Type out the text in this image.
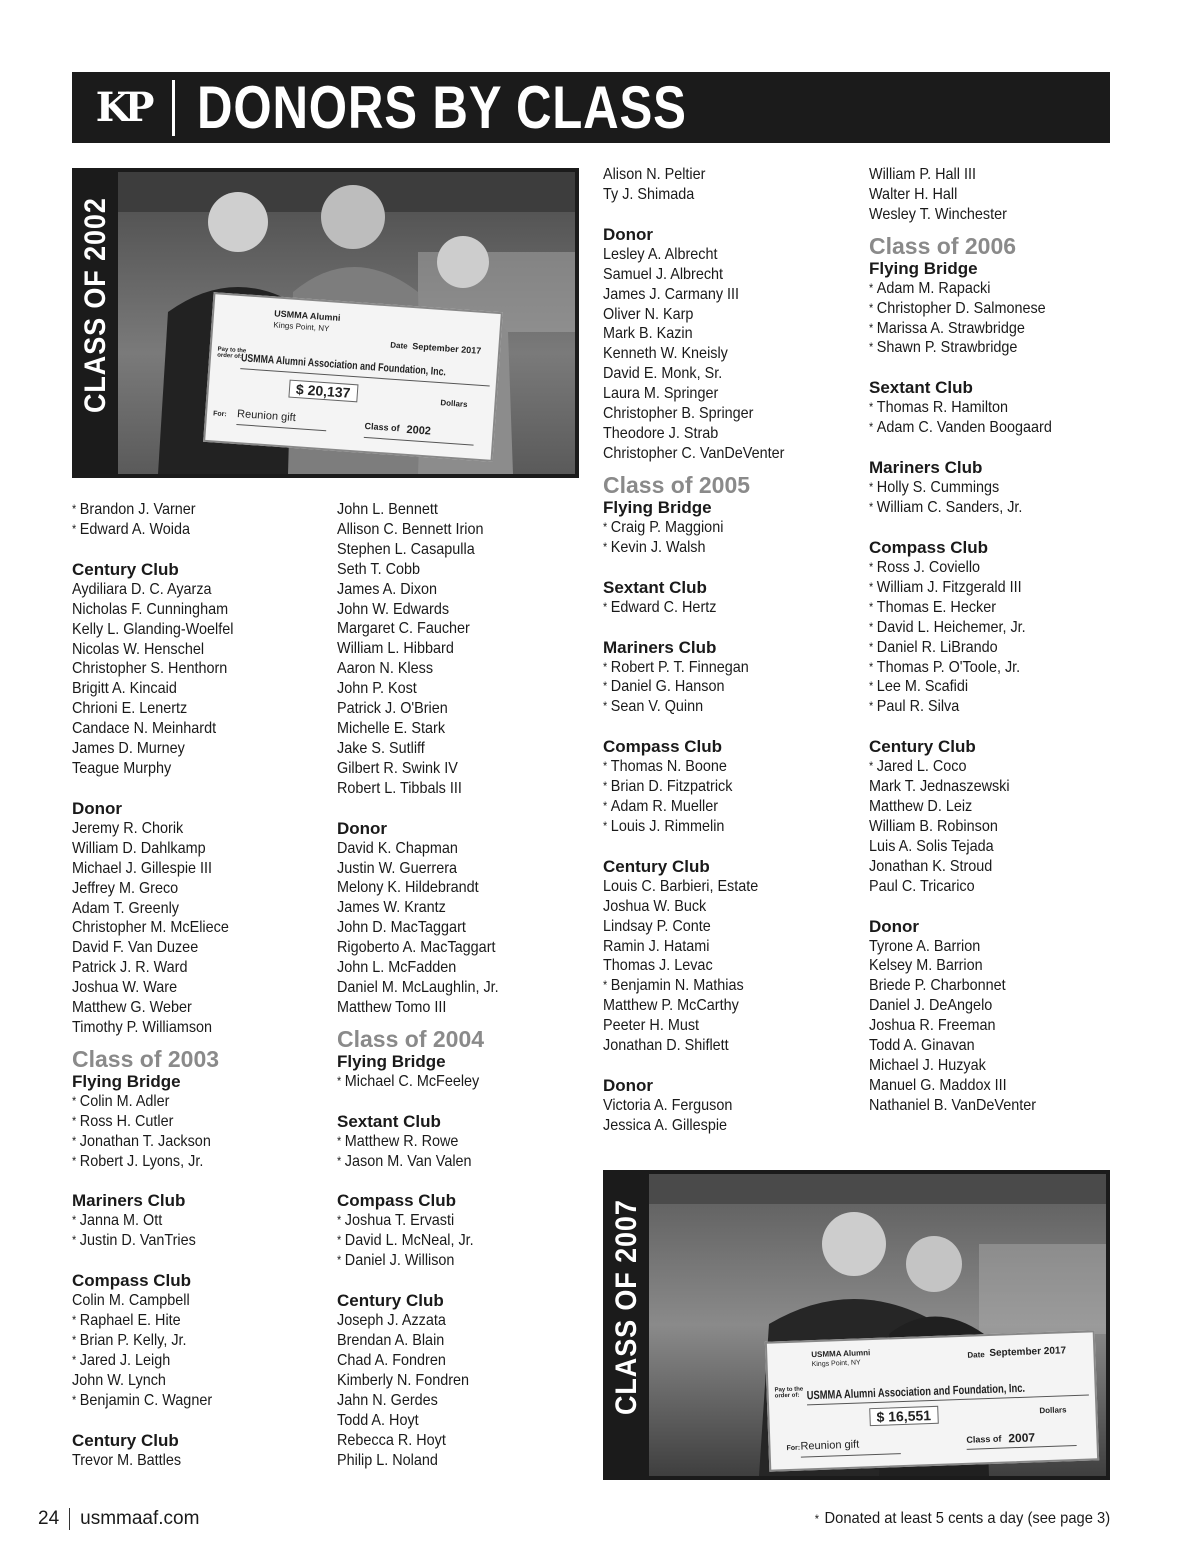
KP DONORS BY CLASS
CLASS OF 2002	USMMA Alumni
Kings Point, NY
Date September 2017
Pay to the order of:
USMMA Alumni Association and Foundation, Inc.
$ 20,137
Dollars
For: Reunion gift
Class of 2002
* Brandon J. Varner
* Edward A. Woida
Century Club
Aydiliara D. C. Ayarza
Nicholas F. Cunningham
Kelly L. Glanding-Woelfel
Nicolas W. Henschel
Christopher S. Henthorn
Brigitt A. Kincaid
Chrioni E. Lenertz
Candace N. Meinhardt
James D. Murney
Teague Murphy
Donor
Jeremy R. Chorik
William D. Dahlkamp
Michael J. Gillespie III
Jeffrey M. Greco
Adam T. Greenly
Christopher M. McEliece
David F. Van Duzee
Patrick J. R. Ward
Joshua W. Ware
Matthew G. Weber
Timothy P. Williamson
Class of 2003
Flying Bridge
* Colin M. Adler
* Ross H. Cutler
* Jonathan T. Jackson
* Robert J. Lyons, Jr.
Mariners Club
* Janna M. Ott
* Justin D. VanTries
Compass Club
Colin M. Campbell
* Raphael E. Hite
* Brian P. Kelly, Jr.
* Jared J. Leigh
John W. Lynch
* Benjamin C. Wagner
Century Club
Trevor M. Battles
John L. Bennett
Allison C. Bennett Irion
Stephen L. Casapulla
Seth T. Cobb
James A. Dixon
John W. Edwards
Margaret C. Faucher
William L. Hibbard
Aaron N. Kless
John P. Kost
Patrick J. O'Brien
Michelle E. Stark
Jake S. Sutliff
Gilbert R. Swink IV
Robert L. Tibbals III
Donor
David K. Chapman
Justin W. Guerrera
Melony K. Hildebrandt
James W. Krantz
John D. MacTaggart
Rigoberto A. MacTaggart
John L. McFadden
Daniel M. McLaughlin, Jr.
Matthew Tomo III
Class of 2004
Flying Bridge
* Michael C. McFeeley
Sextant Club
* Matthew R. Rowe
* Jason M. Van Valen
Compass Club
* Joshua T. Ervasti
* David L. McNeal, Jr.
* Daniel J. Willison
Century Club
Joseph J. Azzata
Brendan A. Blain
Chad A. Fondren
Kimberly N. Fondren
Jahn N. Gerdes
Todd A. Hoyt
Rebecca R. Hoyt
Philip L. Noland
Alison N. Peltier
Ty J. Shimada
Donor
Lesley A. Albrecht
Samuel J. Albrecht
James J. Carmany III
Oliver N. Karp
Mark B. Kazin
Kenneth W. Kneisly
David E. Monk, Sr.
Laura M. Springer
Christopher B. Springer
Theodore J. Strab
Christopher C. VanDeVenter
Class of 2005
Flying Bridge
* Craig P. Maggioni
* Kevin J. Walsh
Sextant Club
* Edward C. Hertz
Mariners Club
* Robert P. T. Finnegan
* Daniel G. Hanson
* Sean V. Quinn
Compass Club
* Thomas N. Boone
* Brian D. Fitzpatrick
* Adam R. Mueller
* Louis J. Rimmelin
Century Club
Louis C. Barbieri, Estate
Joshua W. Buck
Lindsay P. Conte
Ramin J. Hatami
Thomas J. Levac
* Benjamin N. Mathias
Matthew P. McCarthy
Peeter H. Must
Jonathan D. Shiflett
Donor
Victoria A. Ferguson
Jessica A. Gillespie
William P. Hall III
Walter H. Hall
Wesley T. Winchester
Class of 2006
Flying Bridge
* Adam M. Rapacki
* Christopher D. Salmonese
* Marissa A. Strawbridge
* Shawn P. Strawbridge
Sextant Club
* Thomas R. Hamilton
* Adam C. Vanden Boogaard
Mariners Club
* Holly S. Cummings
* William C. Sanders, Jr.
Compass Club
* Ross J. Coviello
* William J. Fitzgerald III
* Thomas E. Hecker
* David L. Heichemer, Jr.
* Daniel R. LiBrando
* Thomas P. O'Toole, Jr.
* Lee M. Scafidi
* Paul R. Silva
Century Club
* Jared L. Coco
Mark T. Jednaszewski
Matthew D. Leiz
William B. Robinson
Luis A. Solis Tejada
Jonathan K. Stroud
Paul C. Tricarico
Donor
Tyrone A. Barrion
Kelsey M. Barrion
Briede P. Charbonnet
Daniel J. DeAngelo
Joshua R. Freeman
Todd A. Ginavan
Michael J. Huzyak
Manuel G. Maddox III
Nathaniel B. VanDeVenter
CLASS OF 2007	USMMA Alumni
Kings Point, NY
Date September 2017
Pay to the order of: USMMA Alumni Association and Foundation, Inc.
$ 16,551	Dollars
For: Reunion gift	Class of 2007
24 usmmaaf.com	* Donated at least 5 cents a day (see page 3)
